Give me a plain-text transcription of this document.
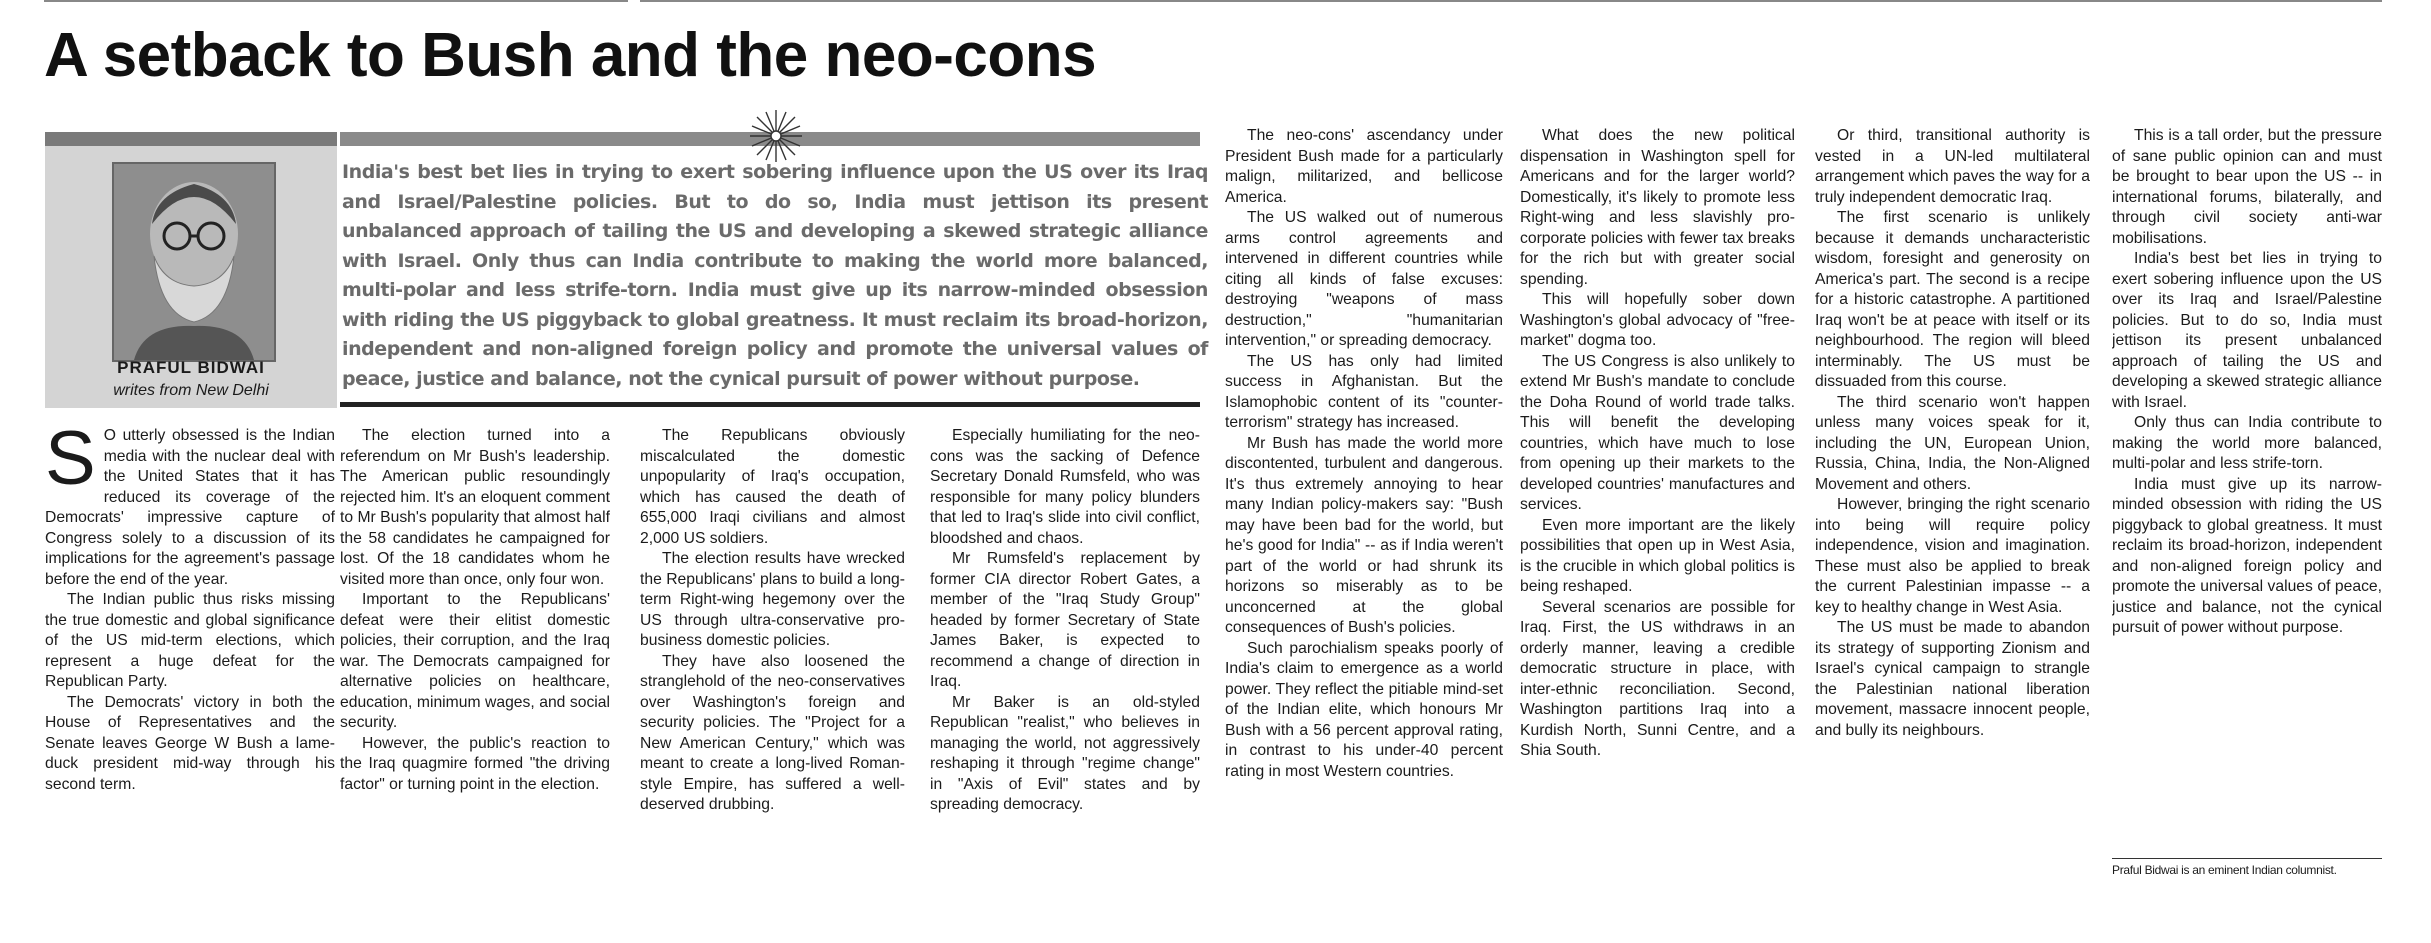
A setback to Bush and the neo-cons

PRAFUL BIDWAI

writes from New Delhi

India's best bet lies in trying to exert sobering influence upon the US over its Iraq and Israel/Palestine policies. But to do so, India must jettison its present unbalanced approach of tailing the US and developing a skewed strategic alliance with Israel. Only thus can India contribute to making the world more balanced, multi-polar and less strife-torn. India must give up its narrow-minded obsession with riding the US piggyback to global greatness. It must reclaim its broad-horizon, independent and non-aligned foreign policy and promote the universal values of peace, justice and balance, not the cynical pursuit of power without purpose.

S O utterly obsessed is the Indian media with the nuclear deal with the United States that it has reduced its coverage of the Democrats' impressive capture of Congress solely to a discussion of its implications for the agreement's passage before the end of the year.

The Indian public thus risks missing the true domestic and global significance of the US mid-term elections, which represent a huge defeat for the Republican Party.

The Democrats' victory in both the House of Representatives and the Senate leaves George W Bush a lame-duck president mid-way through his second term.

The election turned into a referendum on Mr Bush's leadership. The American public resoundingly rejected him. It's an eloquent comment to Mr Bush's popularity that almost half the 58 candidates he campaigned for lost. Of the 18 candidates whom he visited more than once, only four won.

Important to the Republicans' defeat were their elitist domestic policies, their corruption, and the Iraq war. The Democrats campaigned for alternative policies on healthcare, education, minimum wages, and social security.

However, the public's reaction to the Iraq quagmire formed "the driving factor" or turning point in the election.

The Republicans obviously miscalculated the domestic unpopularity of Iraq's occupation, which has caused the death of 655,000 Iraqi civilians and almost 2,000 US soldiers.

The election results have wrecked the Republicans' plans to build a long-term Right-wing hegemony over the US through ultra-conservative pro-business domestic policies.

They have also loosened the stranglehold of the neo-conservatives over Washington's foreign and security policies. The "Project for a New American Century," which was meant to create a long-lived Roman-style Empire, has suffered a well-deserved drubbing.

Especially humiliating for the neo-cons was the sacking of Defence Secretary Donald Rumsfeld, who was responsible for many policy blunders that led to Iraq's slide into civil conflict, bloodshed and chaos.

Mr Rumsfeld's replacement by former CIA director Robert Gates, a member of the "Iraq Study Group" headed by former Secretary of State James Baker, is expected to recommend a change of direction in Iraq.

Mr Baker is an old-styled Republican "realist," who believes in managing the world, not aggressively reshaping it through "regime change" in "Axis of Evil" states and by spreading democracy.

The neo-cons' ascendancy under President Bush made for a particularly malign, militarized, and bellicose America.

The US walked out of numerous arms control agreements and intervened in different countries while citing all kinds of false excuses: destroying "weapons of mass destruction," "humanitarian intervention," or spreading democracy.

The US has only had limited success in Afghanistan. But the Islamophobic content of its "counter-terrorism" strategy has increased.

Mr Bush has made the world more discontented, turbulent and dangerous. It's thus extremely annoying to hear many Indian policy-makers say: "Bush may have been bad for the world, but he's good for India" -- as if India weren't part of the world or had shrunk its horizons so miserably as to be unconcerned at the global consequences of Bush's policies.

Such parochialism speaks poorly of India's claim to emergence as a world power. They reflect the pitiable mind-set of the Indian elite, which honours Mr Bush with a 56 percent approval rating, in contrast to his under-40 percent rating in most Western countries.

What does the new political dispensation in Washington spell for Americans and for the larger world? Domestically, it's likely to promote less Right-wing and less slavishly pro-corporate policies with fewer tax breaks for the rich but with greater social spending.

This will hopefully sober down Washington's global advocacy of "free-market" dogma too.

The US Congress is also unlikely to extend Mr Bush's mandate to conclude the Doha Round of world trade talks. This will benefit the developing countries, which have much to lose from opening up their markets to the developed countries' manufactures and services.

Even more important are the likely possibilities that open up in West Asia, is the crucible in which global politics is being reshaped.

Several scenarios are possible for Iraq. First, the US withdraws in an orderly manner, leaving a credible democratic structure in place, with inter-ethnic reconciliation. Second, Washington partitions Iraq into a Kurdish North, Sunni Centre, and a Shia South.

Or third, transitional authority is vested in a UN-led multilateral arrangement which paves the way for a truly independent democratic Iraq.

The first scenario is unlikely because it demands uncharacteristic wisdom, foresight and generosity on America's part. The second is a recipe for a historic catastrophe. A partitioned Iraq won't be at peace with itself or its neighbourhood. The region will bleed interminably. The US must be dissuaded from this course.

The third scenario won't happen unless many voices speak for it, including the UN, European Union, Russia, China, India, the Non-Aligned Movement and others.

However, bringing the right scenario into being will require policy independence, vision and imagination. These must also be applied to break the current Palestinian impasse -- a key to healthy change in West Asia.

The US must be made to abandon its strategy of supporting Zionism and Israel's cynical campaign to strangle the Palestinian national liberation movement, massacre innocent people, and bully its neighbours.

This is a tall order, but the pressure of sane public opinion can and must be brought to bear upon the US -- in international forums, bilaterally, and through civil society anti-war mobilisations.

India's best bet lies in trying to exert sobering influence upon the US over its Iraq and Israel/Palestine policies. But to do so, India must jettison its present unbalanced approach of tailing the US and developing a skewed strategic alliance with Israel.

Only thus can India contribute to making the world more balanced, multi-polar and less strife-torn.

India must give up its narrow-minded obsession with riding the US piggyback to global greatness. It must reclaim its broad-horizon, independent and non-aligned foreign policy and promote the universal values of peace, justice and balance, not the cynical pursuit of power without purpose.

Praful Bidwai is an eminent Indian columnist.
